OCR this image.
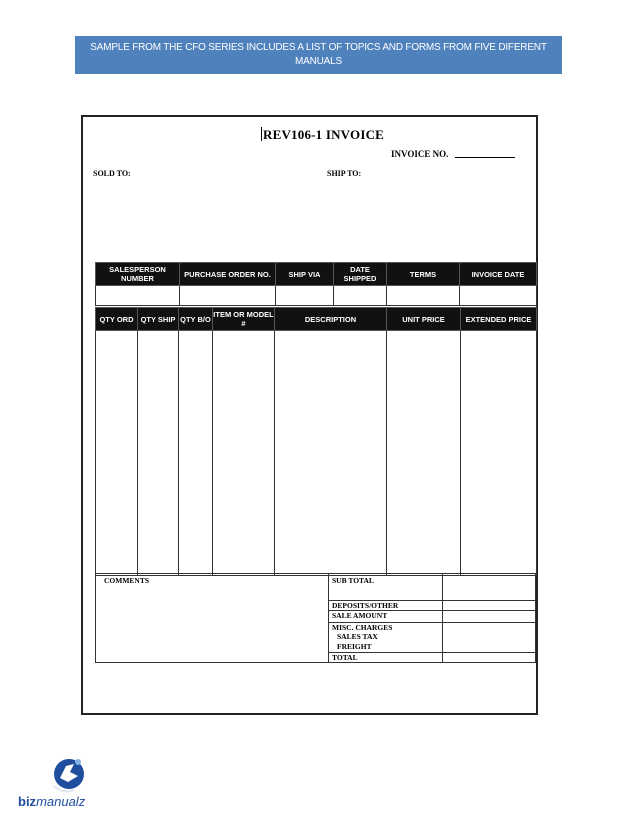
SAMPLE FROM THE CFO SERIES INCLUDES A LIST OF TOPICS AND FORMS FROM FIVE DIFERENT
MANUALS
REV106-1 INVOICE
INVOICE NO.
SOLD TO:	SHIP TO:
SALESPERSON NUMBER	PURCHASE ORDER NO.	SHIP VIA	DATE SHIPPED	TERMS	INVOICE DATE

QTY ORD	QTY SHIP	QTY B/O	ITEM OR MODEL #	DESCRIPTION	UNIT PRICE	EXTENDED PRICE

COMMENTS	SUB TOTAL
DEPOSITS/OTHER
SALE AMOUNT
MISC. CHARGES
SALES TAX
FREIGHT
TOTAL
bizmanualz
